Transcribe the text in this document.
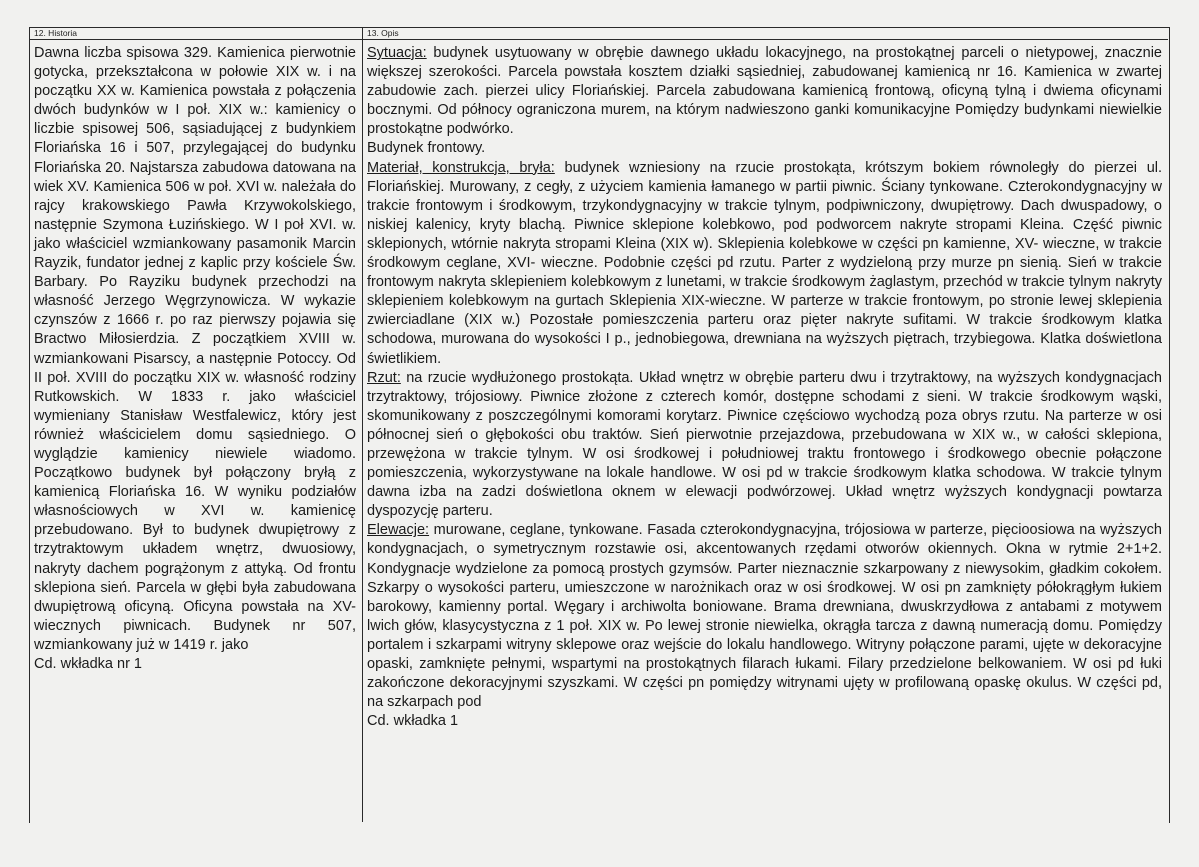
12. Historia	13. Opis

Dawna liczba spisowa 329. Kamienica pierwotnie gotycka, przekształcona w połowie XIX w. i na początku XX w. Kamienica powstała z połączenia dwóch budynków w I poł. XIX w.: kamienicy o liczbie spisowej 506, sąsiadującej z budynkiem Floriańska 16 i 507, przylegającej do budynku Floriańska 20. Najstarsza zabudowa datowana na wiek XV. Kamienica 506 w poł. XVI w. należała do rajcy krakowskiego Pawła Krzywokolskiego, następnie Szymona Łuzińskiego. W I poł XVI. w. jako właściciel wzmiankowany pasamonik Marcin Rayzik, fundator jednej z kaplic przy kościele Św. Barbary. Po Rayziku budynek przechodzi na własność Jerzego Węgrzynowicza. W wykazie czynszów z 1666 r. po raz pierwszy pojawia się Bractwo Miłosierdzia. Z początkiem XVIII w. wzmiankowani Pisarscy, a następnie Potoccy. Od II poł. XVIII do początku XIX w. własność rodziny Rutkowskich. W 1833 r. jako właściciel wymieniany Stanisław Westfalewicz, który jest również właścicielem domu sąsiedniego. O wyglądzie kamienicy niewiele wiadomo. Początkowo budynek był połączony bryłą z kamienicą Floriańska 16. W wyniku podziałów własnościowych w XVI w. kamienicę przebudowano. Był to budynek dwupiętrowy z trzytraktowym układem wnętrz, dwuosiowy, nakryty dachem pogrążonym z attyką. Od frontu sklepiona sień. Parcela w głębi była zabudowana dwupiętrową oficyną. Oficyna powstała na XV-wiecznych piwnicach. Budynek nr 507, wzmiankowany już w 1419 r. jako

Cd. wkładka nr 1

Sytuacja: budynek usytuowany w obrębie dawnego układu lokacyjnego, na prostokątnej parceli o nietypowej, znacznie większej szerokości. Parcela powstała kosztem działki sąsiedniej, zabudowanej kamienicą nr 16. Kamienica w zwartej zabudowie zach. pierzei ulicy Floriańskiej. Parcela zabudowana kamienicą frontową, oficyną tylną i dwiema oficynami bocznymi. Od północy ograniczona murem, na którym nadwieszono ganki komunikacyjne Pomiędzy budynkami niewielkie prostokątne podwórko.

Budynek frontowy.

Materiał, konstrukcja, bryła: budynek wzniesiony na rzucie prostokąta, krótszym bokiem równoległy do pierzei ul. Floriańskiej. Murowany, z cegły, z użyciem kamienia łamanego w partii piwnic. Ściany tynkowane. Czterokondygnacyjny w trakcie frontowym i środkowym, trzykondygnacyjny w trakcie tylnym, podpiwniczony, dwupiętrowy. Dach dwuspadowy, o niskiej kalenicy, kryty blachą. Piwnice sklepione kolebkowo, pod podworcem nakryte stropami Kleina. Część piwnic sklepionych, wtórnie nakryta stropami Kleina (XIX w). Sklepienia kolebkowe w części pn kamienne, XV- wieczne, w trakcie środkowym ceglane, XVI- wieczne. Podobnie części pd rzutu. Parter z wydzieloną przy murze pn sienią. Sień w trakcie frontowym nakryta sklepieniem kolebkowym z lunetami, w trakcie środkowym żaglastym, przechód w trakcie tylnym nakryty sklepieniem kolebkowym na gurtach Sklepienia XIX-wieczne. W parterze w trakcie frontowym, po stronie lewej sklepienia zwierciadlane (XIX w.) Pozostałe pomieszczenia parteru oraz pięter nakryte sufitami. W trakcie środkowym klatka schodowa, murowana do wysokości I p., jednobiegowa, drewniana na wyższych piętrach, trzybiegowa. Klatka doświetlona świetlikiem.

Rzut: na rzucie wydłużonego prostokąta. Układ wnętrz w obrębie parteru dwu i trzytraktowy, na wyższych kondygnacjach trzytraktowy, trójosiowy. Piwnice złożone z czterech komór, dostępne schodami z sieni. W trakcie środkowym wąski, skomunikowany z poszczególnymi komorami korytarz. Piwnice częściowo wychodzą poza obrys rzutu. Na parterze w osi północnej sień o głębokości obu traktów. Sień pierwotnie przejazdowa, przebudowana w XIX w., w całości sklepiona, przewężona w trakcie tylnym. W osi środkowej i południowej traktu frontowego i środkowego obecnie połączone pomieszczenia, wykorzystywane na lokale handlowe. W osi pd w trakcie środkowym klatka schodowa. W trakcie tylnym dawna izba na zadzi doświetlona oknem w elewacji podwórzowej. Układ wnętrz wyższych kondygnacji powtarza dyspozycję parteru.

Elewacje: murowane, ceglane, tynkowane. Fasada czterokondygnacyjna, trójosiowa w parterze, pięcioosiowa na wyższych kondygnacjach, o symetrycznym rozstawie osi, akcentowanych rzędami otworów okiennych. Okna w rytmie 2+1+2. Kondygnacje wydzielone za pomocą prostych gzymsów. Parter nieznacznie szkarpowany z niewysokim, gładkim cokołem. Szkarpy o wysokości parteru, umieszczone w narożnikach oraz w osi środkowej. W osi pn zamknięty półokrągłym łukiem barokowy, kamienny portal. Węgary i archiwolta boniowane. Brama drewniana, dwuskrzydłowa z antabami z motywem lwich głów, klasycystyczna z 1 poł. XIX w. Po lewej stronie niewielka, okrągła tarcza z dawną numeracją domu. Pomiędzy portalem i szkarpami witryny sklepowe oraz wejście do lokalu handlowego. Witryny połączone parami, ujęte w dekoracyjne opaski, zamknięte pełnymi, wspartymi na prostokątnych filarach łukami. Filary przedzielone belkowaniem. W osi pd łuki zakończone dekoracyjnymi szyszkami. W części pn pomiędzy witrynami ujęty w profilowaną opaskę okulus. W części pd, na szkarpach pod

Cd. wkładka 1
